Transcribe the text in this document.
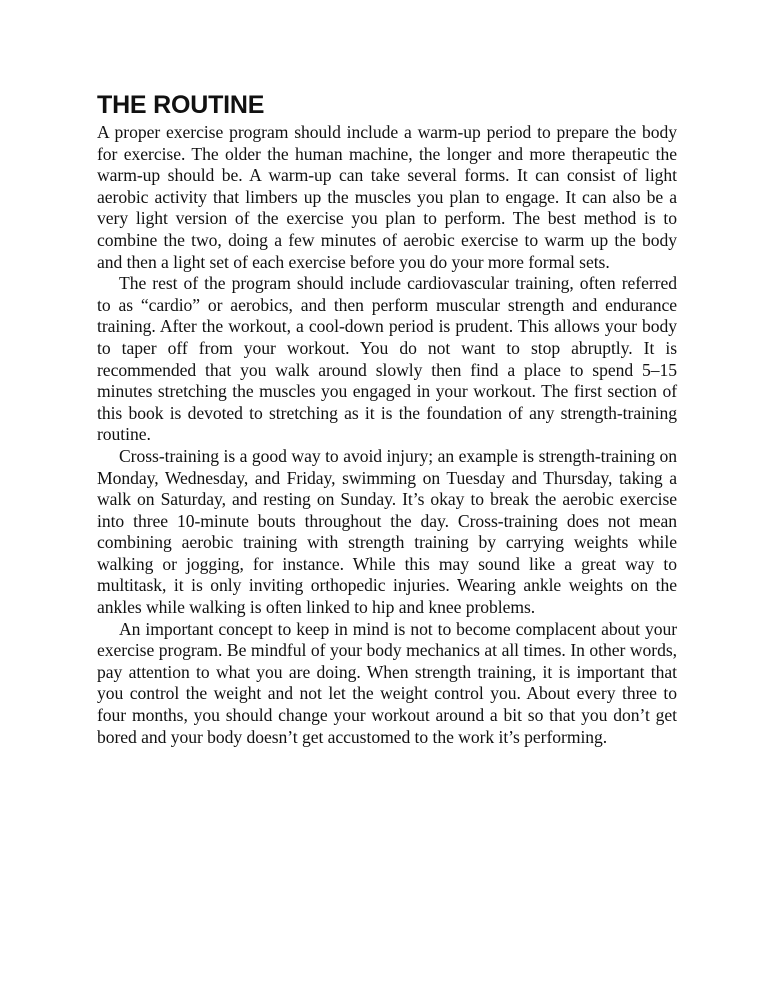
THE ROUTINE

A proper exercise program should include a warm-up period to prepare the body for exercise. The older the human machine, the longer and more therapeutic the warm-up should be. A warm-up can take several forms. It can consist of light aerobic activity that limbers up the muscles you plan to engage. It can also be a very light version of the exercise you plan to perform. The best method is to combine the two, doing a few minutes of aerobic exercise to warm up the body and then a light set of each exercise before you do your more formal sets.

The rest of the program should include cardiovascular training, often referred to as “cardio” or aerobics, and then perform muscular strength and endurance training. After the workout, a cool-down period is prudent. This allows your body to taper off from your workout. You do not want to stop abruptly. It is recommended that you walk around slowly then find a place to spend 5–15 minutes stretching the muscles you engaged in your workout. The first section of this book is devoted to stretching as it is the foundation of any strength-training routine.

Cross-training is a good way to avoid injury; an example is strength-training on Monday, Wednesday, and Friday, swimming on Tuesday and Thursday, taking a walk on Saturday, and resting on Sunday. It’s okay to break the aerobic exercise into three 10-minute bouts throughout the day. Cross-training does not mean combining aerobic training with strength training by carrying weights while walking or jogging, for instance. While this may sound like a great way to multitask, it is only inviting orthopedic injuries. Wearing ankle weights on the ankles while walking is often linked to hip and knee problems.

An important concept to keep in mind is not to become complacent about your exercise program. Be mindful of your body mechanics at all times. In other words, pay attention to what you are doing. When strength training, it is important that you control the weight and not let the weight control you. About every three to four months, you should change your workout around a bit so that you don’t get bored and your body doesn’t get accustomed to the work it’s performing.
